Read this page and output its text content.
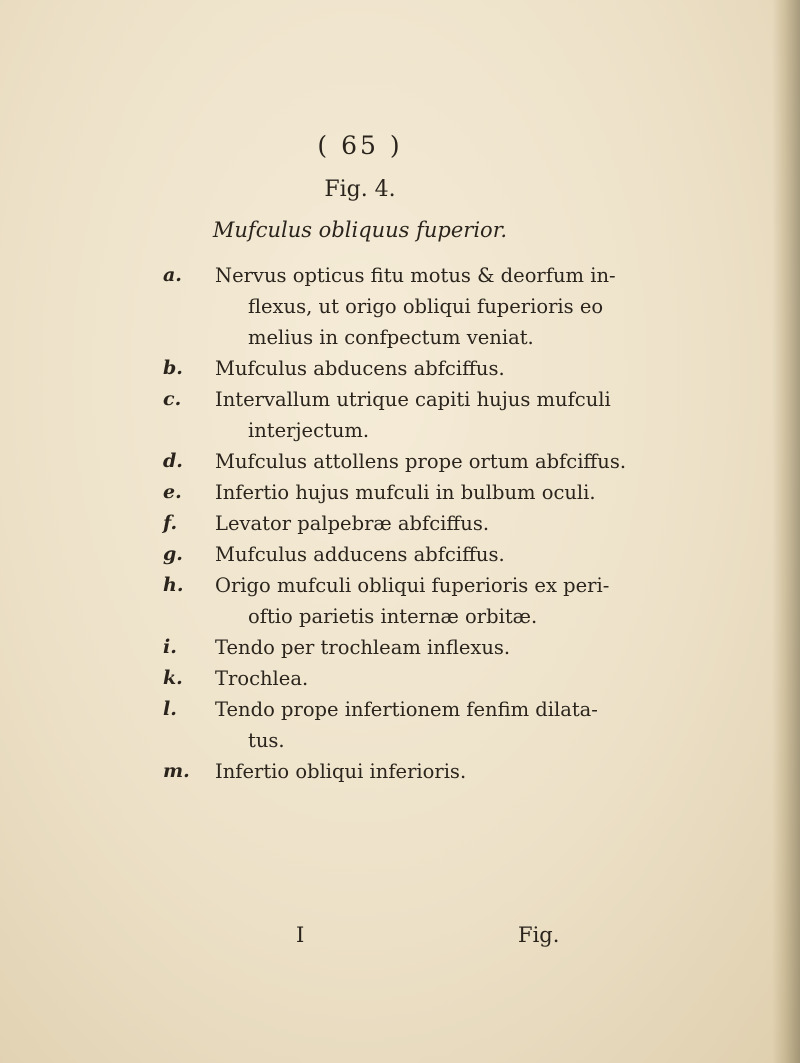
( 65 )
Fig. 4.
Mufculus obliquus fuperior.
a. Nervus opticus fitu motus & deorfum in-
flexus, ut origo obliqui fuperioris eo
melius in confpectum veniat.
b. Mufculus abducens abfciffus.
c. Intervallum utrique capiti hujus mufculi
interjectum.
d. Mufculus attollens prope ortum abfciffus.
e. Infertio hujus mufculi in bulbum oculi.
f. Levator palpebræ abfciffus.
g. Mufculus adducens abfciffus.
h. Origo mufculi obliqui fuperioris ex peri-
oftio parietis internæ orbitæ.
i. Tendo per trochleam inflexus.
k. Trochlea.
l. Tendo prope infertionem fenfim dilata-
tus.
m. Infertio obliqui inferioris.
I	Fig.
